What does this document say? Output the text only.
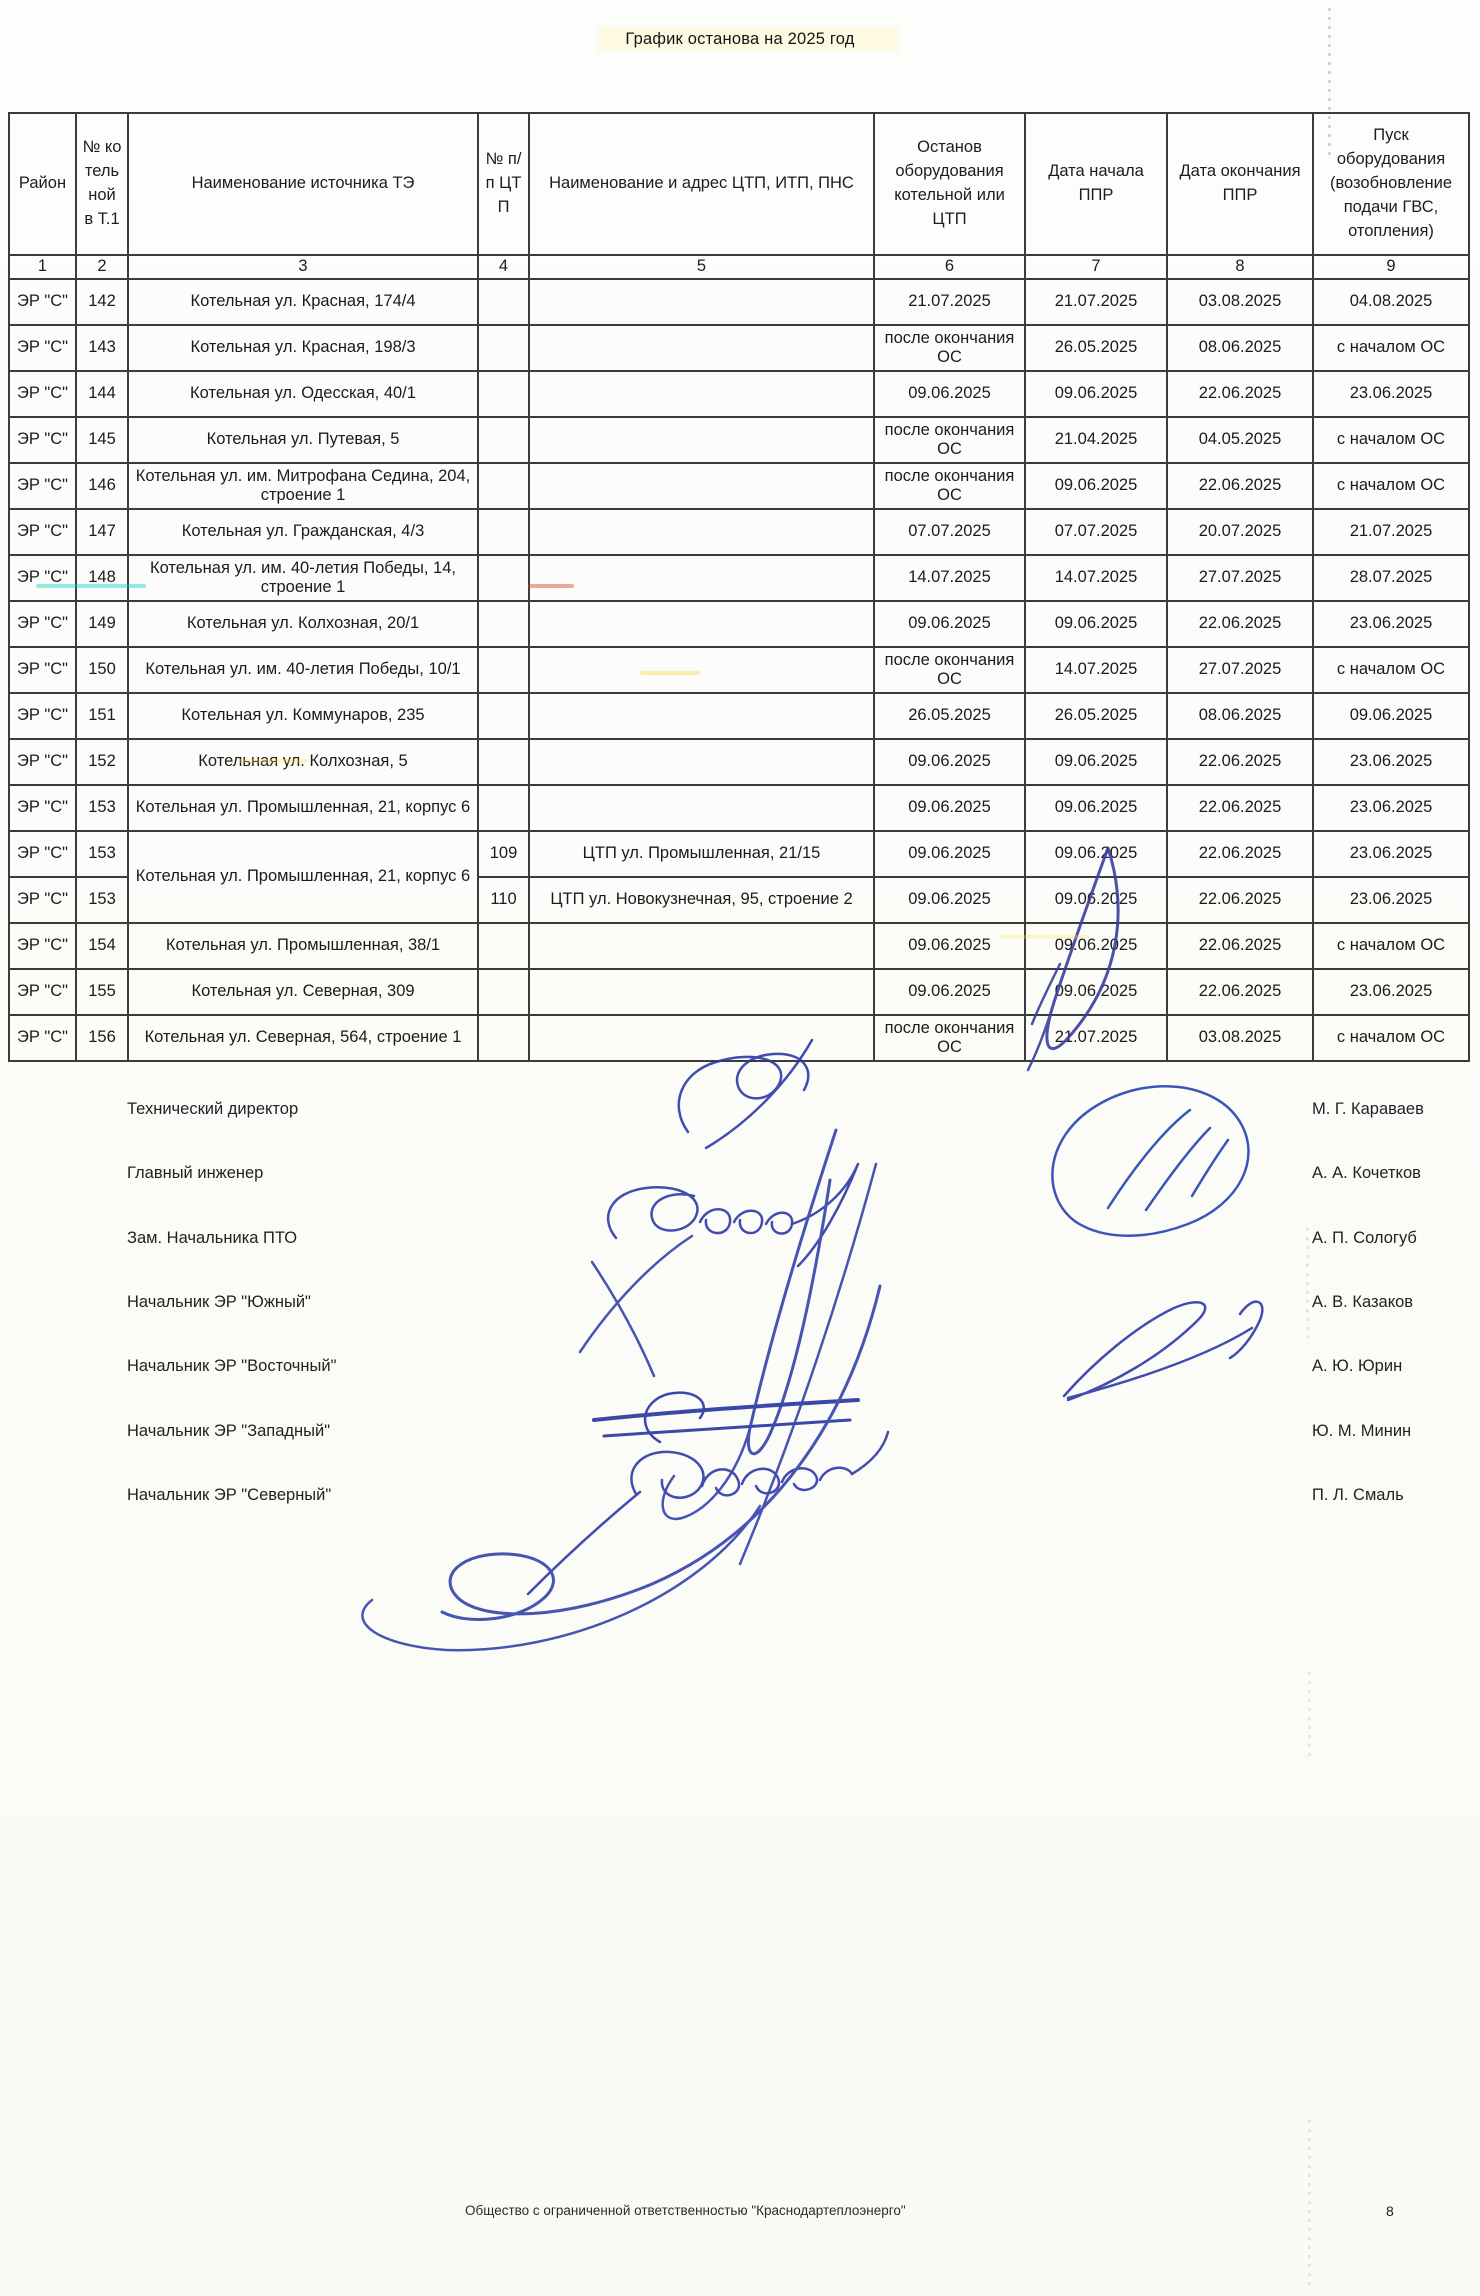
График останова на 2025 год
Район	№ котельной в Т.1	Наименование источника ТЭ	№ п/п ЦТП	Наименование и адрес ЦТП, ИТП, ПНС	Останов оборудования котельной или ЦТП	Дата начала ППР	Дата окончания ППР	Пуск оборудования (возобновление подачи ГВС, отопления)
1	2	3	4	5	6	7	8	9
ЭР "С"	142	Котельная ул. Красная, 174/4			21.07.2025	21.07.2025	03.08.2025	04.08.2025
ЭР "С"	143	Котельная ул. Красная, 198/3			после окончания ОС	26.05.2025	08.06.2025	с началом ОС
ЭР "С"	144	Котельная ул. Одесская, 40/1			09.06.2025	09.06.2025	22.06.2025	23.06.2025
ЭР "С"	145	Котельная ул. Путевая, 5			после окончания ОС	21.04.2025	04.05.2025	с началом ОС
ЭР "С"	146	Котельная ул. им. Митрофана Седина, 204, строение 1			после окончания ОС	09.06.2025	22.06.2025	с началом ОС
ЭР "С"	147	Котельная ул. Гражданская, 4/3			07.07.2025	07.07.2025	20.07.2025	21.07.2025
ЭР "С"	148	Котельная ул. им. 40-летия Победы, 14, строение 1			14.07.2025	14.07.2025	27.07.2025	28.07.2025
ЭР "С"	149	Котельная ул. Колхозная, 20/1			09.06.2025	09.06.2025	22.06.2025	23.06.2025
ЭР "С"	150	Котельная ул. им. 40-летия Победы, 10/1			после окончания ОС	14.07.2025	27.07.2025	с началом ОС
ЭР "С"	151	Котельная ул. Коммунаров, 235			26.05.2025	26.05.2025	08.06.2025	09.06.2025
ЭР "С"	152	Котельная ул. Колхозная, 5			09.06.2025	09.06.2025	22.06.2025	23.06.2025
ЭР "С"	153	Котельная ул. Промышленная, 21, корпус 6			09.06.2025	09.06.2025	22.06.2025	23.06.2025
ЭР "С"	153	Котельная ул. Промышленная, 21, корпус 6	109	ЦТП ул. Промышленная, 21/15	09.06.2025	09.06.2025	22.06.2025	23.06.2025
ЭР "С"	153		110	ЦТП ул. Новокузнечная, 95, строение 2	09.06.2025	09.06.2025	22.06.2025	23.06.2025
ЭР "С"	154	Котельная ул. Промышленная, 38/1			09.06.2025	09.06.2025	22.06.2025	с началом ОС
ЭР "С"	155	Котельная ул. Северная, 309			09.06.2025	09.06.2025	22.06.2025	23.06.2025
ЭР "С"	156	Котельная ул. Северная, 564, строение 1			после окончания ОС	21.07.2025	03.08.2025	с началом ОС
Технический директор	М. Г. Караваев
Главный инженер	А. А. Кочетков
Зам. Начальника ПТО	А. П. Сологуб
Начальник ЭР "Южный"	А. В. Казаков
Начальник ЭР "Восточный"	А. Ю. Юрин
Начальник ЭР "Западный"	Ю. М. Минин
Начальник ЭР "Северный"	П. Л. Смаль
Общество с ограниченной ответственностью "Краснодартеплоэнерго"	8
